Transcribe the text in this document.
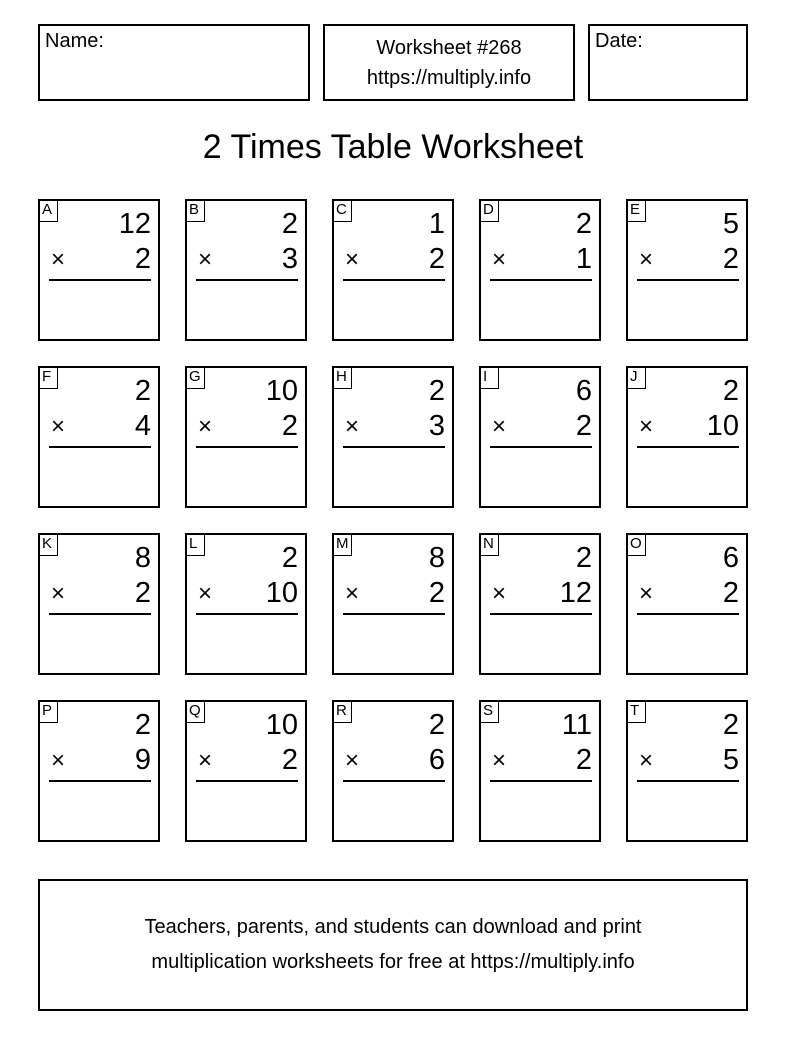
Name:	Worksheet #268
https://multiply.info
Date:
2 Times Table Worksheet
A 12
× 2
B	2
× 3
C	1
× 2
D	2
× 1
E	5
× 2
F	2
× 4
G 10
× 2
H	2
× 3
I	6
× 2
J	2
× 10
K	8
× 2
L	2
× 10
M	8
× 2
N	2
× 12
O	6
× 2
P	2
× 9
Q 10
× 2
R	2
× 6
S 11
× 2
T	2
× 5
Teachers, parents, and students can download and print
multiplication worksheets for free at https://multiply.info
